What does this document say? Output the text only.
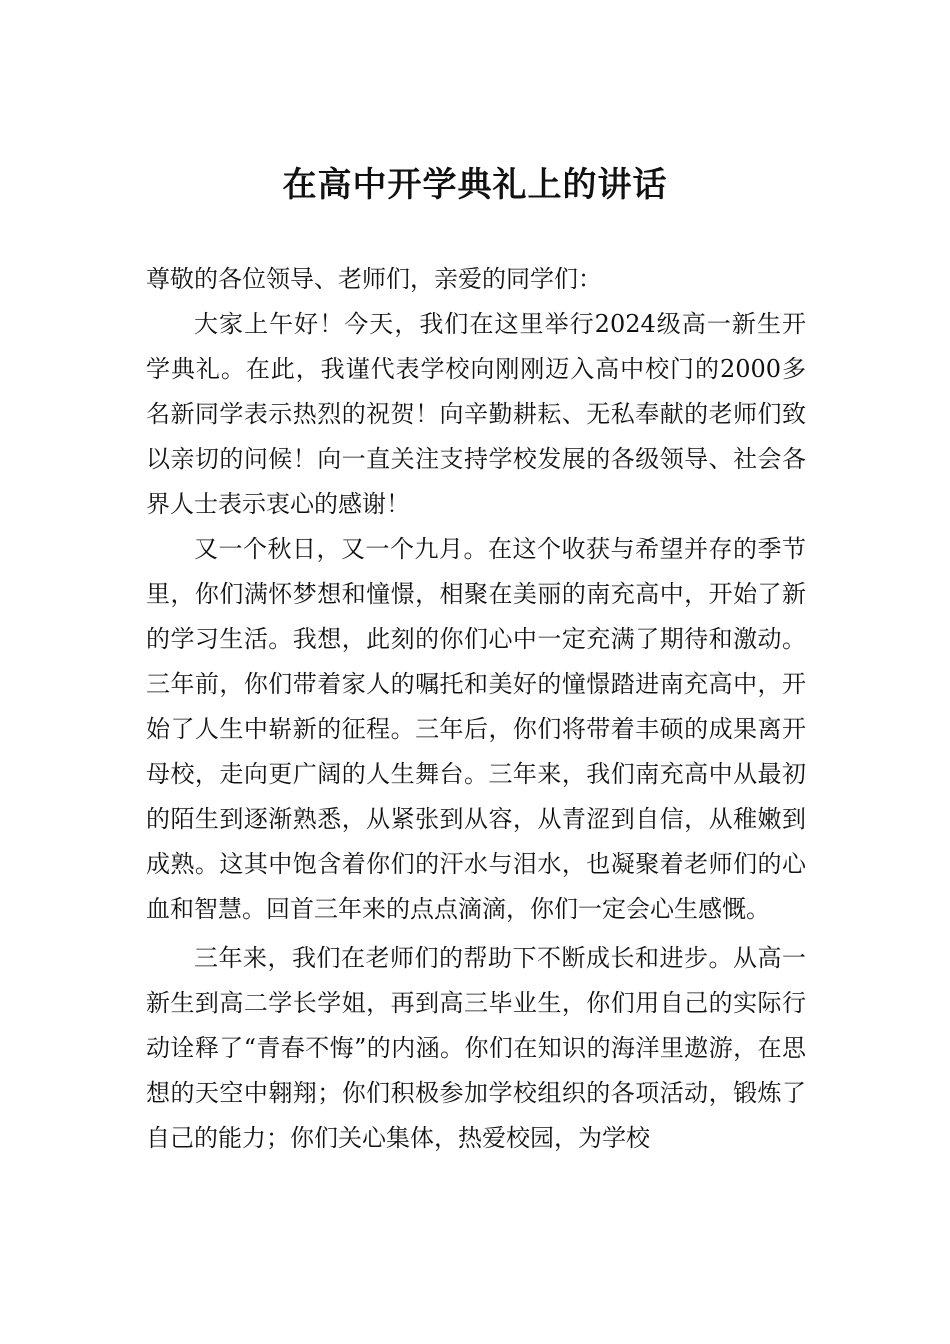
在高中开学典礼上的讲话

尊敬的各位领导、老师们，亲爱的同学们：

大家上午好！今天，我们在这里举行2024级高一新生开学典礼。在此，我谨代表学校向刚刚迈入高中校门的2000多名新同学表示热烈的祝贺！向辛勤耕耘、无私奉献的老师们致以亲切的问候！向一直关注支持学校发展的各级领导、社会各界人士表示衷心的感谢！

又一个秋日，又一个九月。在这个收获与希望并存的季节里，你们满怀梦想和憧憬，相聚在美丽的南充高中，开始了新的学习生活。我想，此刻的你们心中一定充满了期待和激动。三年前，你们带着家人的嘱托和美好的憧憬踏进南充高中，开始了人生中崭新的征程。三年后，你们将带着丰硕的成果离开母校，走向更广阔的人生舞台。三年来，我们南充高中从最初的陌生到逐渐熟悉，从紧张到从容，从青涩到自信，从稚嫩到成熟。这其中饱含着你们的汗水与泪水，也凝聚着老师们的心血和智慧。回首三年来的点点滴滴，你们一定会心生感慨。

三年来，我们在老师们的帮助下不断成长和进步。从高一新生到高二学长学姐，再到高三毕业生，你们用自己的实际行动诠释了“青春不悔”的内涵。你们在知识的海洋里遨游，在思想的天空中翱翔；你们积极参加学校组织的各项活动，锻炼了自己的能力；你们关心集体，热爱校园，为学校
